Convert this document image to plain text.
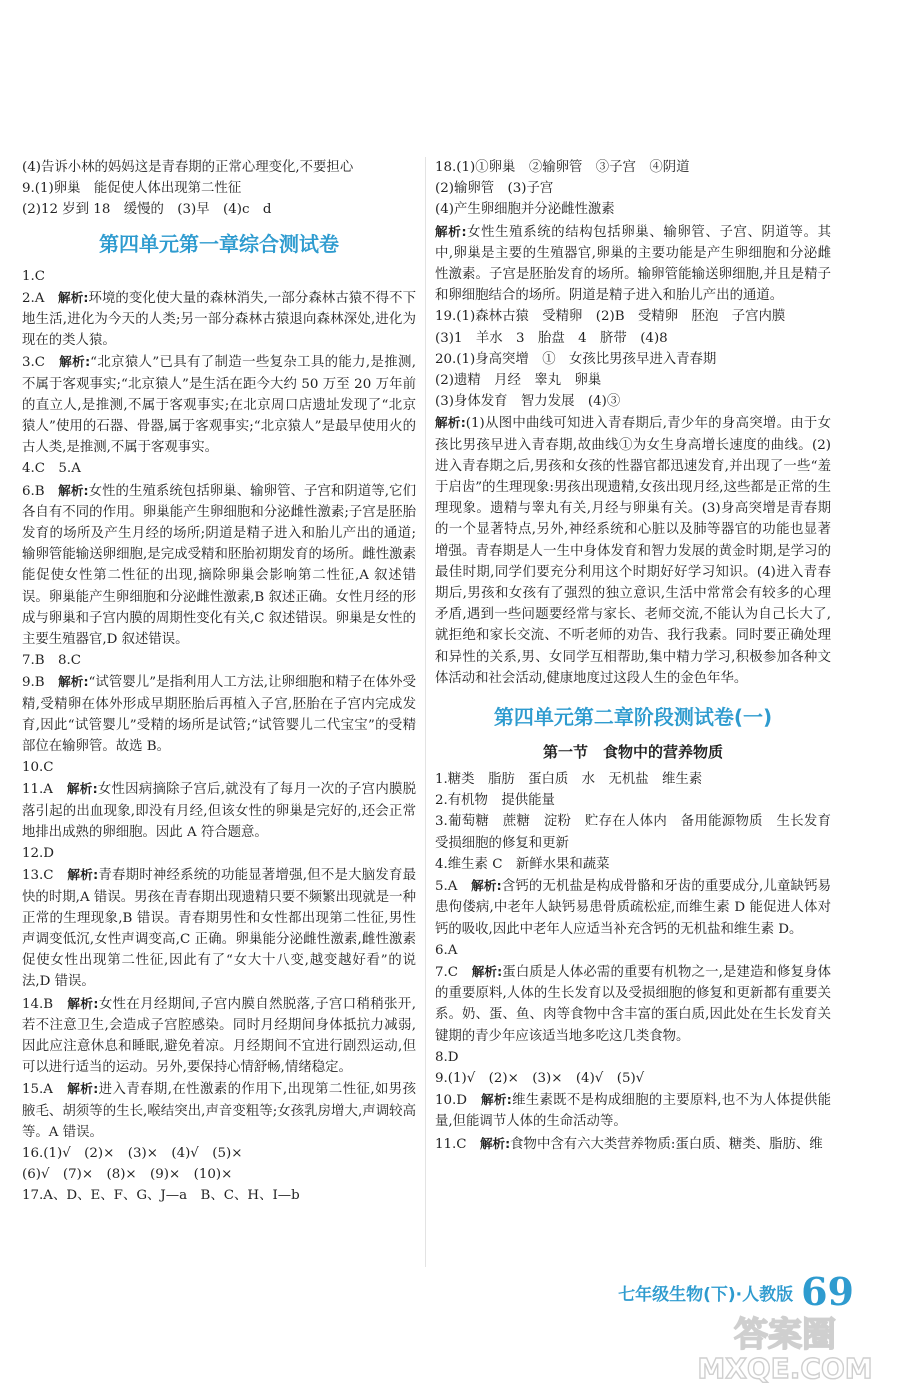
(4)告诉小林的妈妈这是青春期的正常心理变化,不要担心

9.(1)卵巢　能促使人体出现第二性征

(2)12 岁到 18　缓慢的　(3)早　(4)c　d

第四单元第一章综合测试卷

1.C

2.A　 解析:环境的变化使大量的森林消失,一部分森林古猿不得不下地生活,进化为今天的人类;另一部分森林古猿退向森林深处,进化为现在的类人猿。

3.C　 解析:“北京猿人”已具有了制造一些复杂工具的能力,是推测,不属于客观事实;“北京猿人”是生活在距今大约 50 万至 20 万年前的直立人,是推测,不属于客观事实;在北京周口店遗址发现了“北京猿人”使用的石器、骨器,属于客观事实;“北京猿人”是最早使用火的古人类,是推测,不属于客观事实。

4.C　5.A

6.B　 解析:女性的生殖系统包括卵巢、输卵管、子宫和阴道等,它们各自有不同的作用。卵巢能产生卵细胞和分泌雌性激素;子宫是胚胎发育的场所及产生月经的场所;阴道是精子进入和胎儿产出的通道;输卵管能输送卵细胞,是完成受精和胚胎初期发育的场所。雌性激素能促使女性第二性征的出现,摘除卵巢会影响第二性征,A 叙述错误。卵巢能产生卵细胞和分泌雌性激素,B 叙述正确。女性月经的形成与卵巢和子宫内膜的周期性变化有关,C 叙述错误。卵巢是女性的主要生殖器官,D 叙述错误。

7.B　8.C

9.B　 解析:“试管婴儿”是指利用人工方法,让卵细胞和精子在体外受精,受精卵在体外形成早期胚胎后再植入子宫,胚胎在子宫内完成发育,因此“试管婴儿”受精的场所是试管;“试管婴儿二代宝宝”的受精部位在输卵管。故选 B。

10.C

11.A　 解析:女性因病摘除子宫后,就没有了每月一次的子宫内膜脱落引起的出血现象,即没有月经,但该女性的卵巢是完好的,还会正常地排出成熟的卵细胞。因此 A 符合题意。

12.D

13.C　 解析:青春期时神经系统的功能显著增强,但不是大脑发育最快的时期,A 错误。男孩在青春期出现遗精只要不频繁出现就是一种正常的生理现象,B 错误。青春期男性和女性都出现第二性征,男性声调变低沉,女性声调变高,C 正确。卵巢能分泌雌性激素,雌性激素促使女性出现第二性征,因此有了“女大十八变,越变越好看”的说法,D 错误。

14.B　 解析:女性在月经期间,子宫内膜自然脱落,子宫口稍稍张开,若不注意卫生,会造成子宫腔感染。同时月经期间身体抵抗力减弱,因此应注意休息和睡眠,避免着凉。月经期间不宜进行剧烈运动,但可以进行适当的运动。另外,要保持心情舒畅,情绪稳定。

15.A　 解析:进入青春期,在性激素的作用下,出现第二性征,如男孩腋毛、胡须等的生长,喉结突出,声音变粗等;女孩乳房增大,声调较高等。A 错误。

16.(1)√　(2)×　(3)×　(4)√　(5)×

(6)√　(7)×　(8)×　(9)×　(10)×

17.A、D、E、F、G、J—a　B、C、H、I—b

18.(1)①卵巢　②输卵管　③子宫　④阴道

(2)输卵管　(3)子宫

(4)产生卵细胞并分泌雌性激素

解析:女性生殖系统的结构包括卵巢、输卵管、子宫、阴道等。其中,卵巢是主要的生殖器官,卵巢的主要功能是产生卵细胞和分泌雌性激素。子宫是胚胎发育的场所。输卵管能输送卵细胞,并且是精子和卵细胞结合的场所。阴道是精子进入和胎儿产出的通道。

19.(1)森林古猿　受精卵　(2)B　受精卵　胚泡　子宫内膜

(3)1　羊水　3　胎盘　4　脐带　(4)8

20.(1)身高突增　①　女孩比男孩早进入青春期

(2)遗精　月经　睾丸　卵巢

(3)身体发育　智力发展　(4)③

解析:(1)从图中曲线可知进入青春期后,青少年的身高突增。由于女孩比男孩早进入青春期,故曲线①为女生身高增长速度的曲线。(2)进入青春期之后,男孩和女孩的性器官都迅速发育,并出现了一些“羞于启齿”的生理现象:男孩出现遗精,女孩出现月经,这些都是正常的生理现象。遗精与睾丸有关,月经与卵巢有关。(3)身高突增是青春期的一个显著特点,另外,神经系统和心脏以及肺等器官的功能也显著增强。青春期是人一生中身体发育和智力发展的黄金时期,是学习的最佳时期,同学们要充分利用这个时期好好学习知识。(4)进入青春期后,男孩和女孩有了强烈的独立意识,生活中常常会有较多的心理矛盾,遇到一些问题要经常与家长、老师交流,不能认为自己长大了,就拒绝和家长交流、不听老师的劝告、我行我素。同时要正确处理和异性的关系,男、女同学互相帮助,集中精力学习,积极参加各种文体活动和社会活动,健康地度过这段人生的金色年华。

第四单元第二章阶段测试卷(一)
第一节　食物中的营养物质

1.糖类　脂肪　蛋白质　水　无机盐　维生素

2.有机物　提供能量

3.葡萄糖　蔗糖　淀粉　贮存在人体内　备用能源物质　生长发育　受损细胞的修复和更新

4.维生素 C　新鲜水果和蔬菜

5.A　 解析:含钙的无机盐是构成骨骼和牙齿的重要成分,儿童缺钙易患佝偻病,中老年人缺钙易患骨质疏松症,而维生素 D 能促进人体对钙的吸收,因此中老年人应适当补充含钙的无机盐和维生素 D。

6.A

7.C　 解析:蛋白质是人体必需的重要有机物之一,是建造和修复身体的重要原料,人体的生长发育以及受损细胞的修复和更新都有重要关系。奶、蛋、鱼、肉等食物中含丰富的蛋白质,因此处在生长发育关键期的青少年应该适当地多吃这几类食物。

8.D

9.(1)√　(2)×　(3)×　(4)√　(5)√

10.D　 解析:维生素既不是构成细胞的主要原料,也不为人体提供能量,但能调节人体的生命活动等。

11.C　 解析:食物中含有六大类营养物质:蛋白质、糖类、脂肪、维

七年级生物(下)·人教版 69
答案圈
MXQE.COM
